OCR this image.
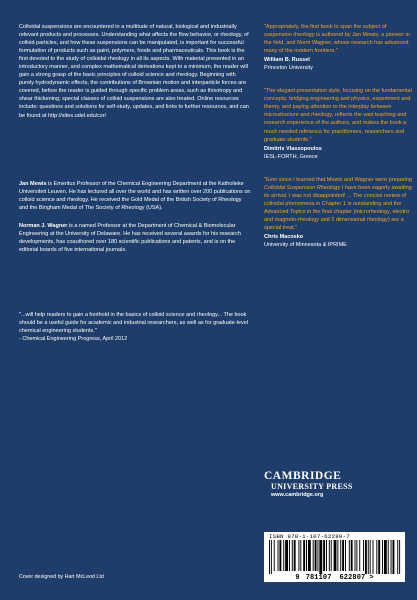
Colloidal suspensions are encountered in a multitude of natural, biological and industrially relevant products and processes. Understanding what affects the flow behavior, or rheology, of colloid particles, and how these suspensions can be manipulated, is important for successful formulation of products such as paint, polymers, foods and pharmaceuticals. This book is the first devoted to the study of colloidal rheology in all its aspects. With material presented in an introductory manner, and complex mathematical derivations kept to a minimum, the reader will gain a strong grasp of the basic principles of colloid science and rheology. Beginning with purely hydrodynamic effects, the contributions of Brownian motion and interparticle forces are covered, before the reader is guided through specific problem areas, such as thixotropy and shear thickening; special classes of colloid suspensions are also treated. Online resources include: questions and solutions for self-study, updates, and links to further resources, and can be found at http://sites.udel.edu/csr/

Jan Mewis is Emeritus Professor of the Chemical Engineering Department at the Katholieke Universiteit Leuven. He has lectured all over the world and has written over 200 publications on colloid science and rheology. He received the Gold Medal of the British Society of Rheology and the Bingham Medal of The Society of Rheology (USA).

Norman J. Wagner is a named Professor at the Department of Chemical & Biomolecular Engineering at the University of Delaware. He has received several awards for his research developments, has coauthored over 180 scientific publications and patents, and is on the editorial boards of five international journals.

"...will help readers to gain a foothold in the basics of colloid science and rheology... The book should be a useful guide for academic and industrial researchers, as well as for graduate-level chemical engineering students."

- Chemical Engineering Progress, April 2012

"Appropriately, the first book to span the subject of suspension rheology is authored by Jan Mewis, a pioneer in the field, and Norm Wagner, whose research has advanced many of the modern frontiers."

William B. Russel

Princeton University

"The elegant presentation style, focusing on the fundamental concepts, bridging engineering and physics, experiment and theory, and paying attention to the interplay between microstructure and rheology, reflects the vast teaching and research experience of the authors, and makes the book a much needed reference for practitioners, researchers and graduate students."

Dimitris Vlassopoulos

IESL-FORTH, Greece

"Ever since I learned that Mewis and Wagner were preparing Colloidal Suspension Rheology I have been eagerly awaiting its arrival. I was not disappointed! ... The concise review of colloidal phenomena in Chapter 1 is outstanding and the Advanced Topics in the final chapter (microrheology, electro and magneto-rheology and 2 dimensional rheology) are a special treat."

Chris Macosko

University of Minnesota & IPRIME

CAMBRIDGE

UNIVERSITY PRESS

www.cambridge.org

ISBN 978-1-107-62280-7
9 781107 622807 >
Cover designed by Hart McLeod Ltd
